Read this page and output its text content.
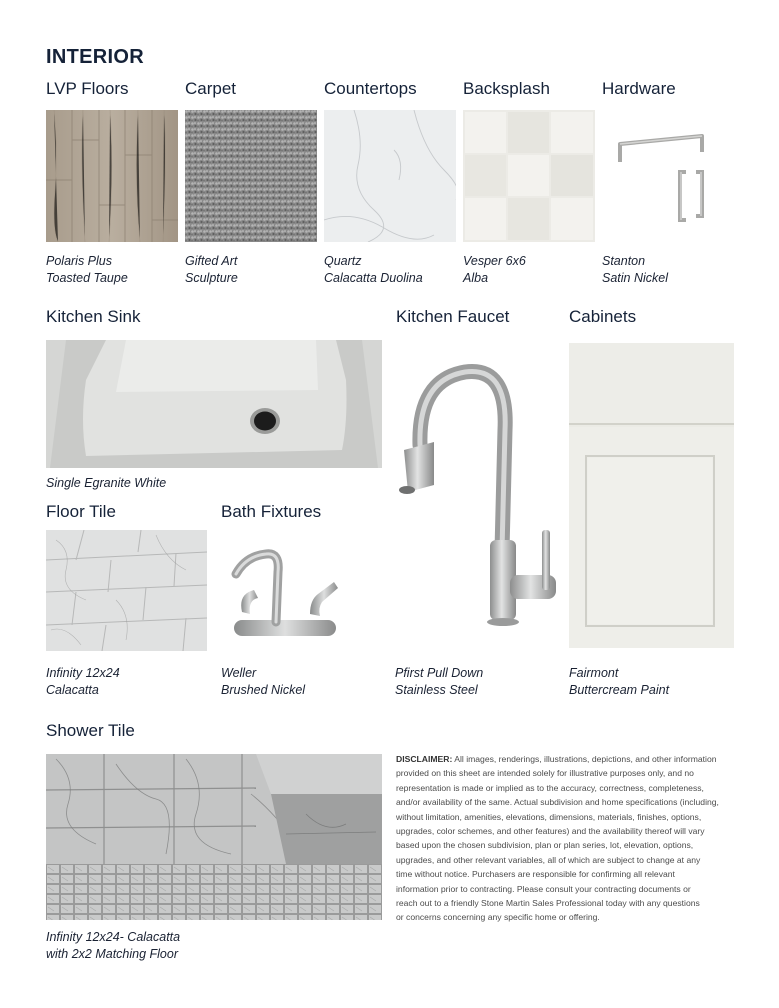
INTERIOR
LVP Floors	Carpet	Countertops	Backsplash	Hardware
Polaris Plus
Toasted Taupe
Gifted Art
Sculpture
Quartz
Calacatta Duolina
Vesper 6x6
Alba
Stanton
Satin Nickel
Kitchen Sink	Kitchen Faucet	Cabinets
Single Egranite White
Pfirst Pull Down
Stainless Steel
Fairmont
Buttercream Paint
Floor Tile
Infinity 12x24
Calacatta
Bath Fixtures
Weller
Brushed Nickel
Shower Tile
Infinity 12x24- Calacatta
with 2x2 Matching Floor
DISCLAIMER: All images, renderings, illustrations, depictions, and other information
provided on this sheet are intended solely for illustrative purposes only, and no
representation is made or implied as to the accuracy, correctness, completeness,
and/or availability of the same. Actual subdivision and home specifications (including,
without limitation, amenities, elevations, dimensions, materials, finishes, options,
upgrades, color schemes, and other features) and the availability thereof will vary
based upon the chosen subdivision, plan or plan series, lot, elevation, options,
upgrades, and other relevant variables, all of which are subject to change at any
time without notice. Purchasers are responsible for confirming all relevant
information prior to contracting. Please consult your contracting documents or
reach out to a friendly Stone Martin Sales Professional today with any questions
or concerns concerning any specific home or offering.
